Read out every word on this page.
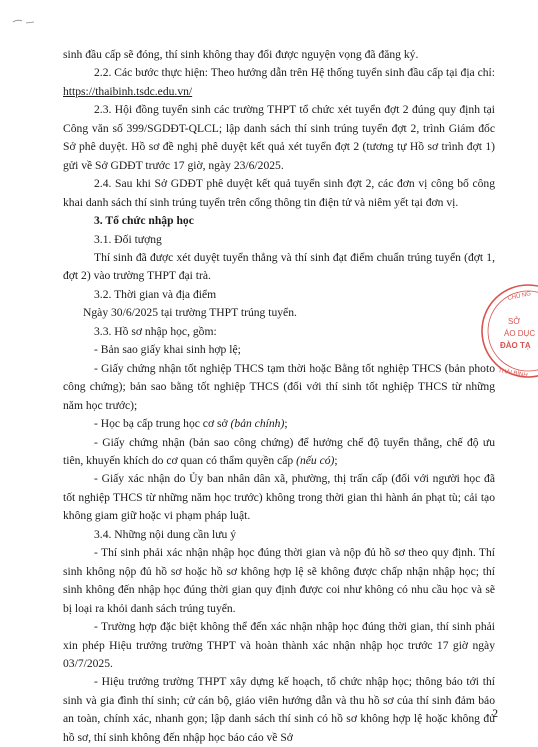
sinh đầu cấp sẽ đóng, thí sinh không thay đổi được nguyện vọng đã đăng ký.

2.2. Các bước thực hiện: Theo hướng dẫn trên Hệ thống tuyển sinh đầu cấp tại địa chỉ: https://thaibinh.tsdc.edu.vn/

2.3. Hội đồng tuyển sinh các trường THPT tổ chức xét tuyển đợt 2 đúng quy định tại Công văn số 399/SGDĐT-QLCL; lập danh sách thí sinh trúng tuyển đợt 2, trình Giám đốc Sở phê duyệt. Hồ sơ đề nghị phê duyệt kết quả xét tuyển đợt 2 (tương tự Hồ sơ trình đợt 1) gửi về Sở GDĐT trước 17 giờ, ngày 23/6/2025.

2.4. Sau khi Sở GDĐT phê duyệt kết quả tuyển sinh đợt 2, các đơn vị công bố công khai danh sách thí sinh trúng tuyển trên cổng thông tin điện tử và niêm yết tại đơn vị.

3. Tổ chức nhập học

3.1. Đối tượng

Thí sinh đã được xét duyệt tuyển thẳng và thí sinh đạt điểm chuẩn trúng tuyển (đợt 1, đợt 2) vào trường THPT đại trà.

3.2. Thời gian và địa điểm

Ngày 30/6/2025 tại trường THPT trúng tuyển.

3.3. Hồ sơ nhập học, gồm:

- Bản sao giấy khai sinh hợp lệ;

- Giấy chứng nhận tốt nghiệp THCS tạm thời hoặc Bằng tốt nghiệp THCS (bản photo công chứng); bản sao bằng tốt nghiệp THCS (đối với thí sinh tốt nghiệp THCS từ những năm học trước);

- Học bạ cấp trung học cơ sở (bản chính);

- Giấy chứng nhận (bản sao công chứng) để hưởng chế độ tuyển thẳng, chế độ ưu tiên, khuyến khích do cơ quan có thẩm quyền cấp (nếu có);

- Giấy xác nhận do Ủy ban nhân dân xã, phường, thị trấn cấp (đối với người học đã tốt nghiệp THCS từ những năm học trước) không trong thời gian thi hành án phạt tù; cải tạo không giam giữ hoặc vi phạm pháp luật.

3.4. Những nội dung cần lưu ý

- Thí sinh phải xác nhận nhập học đúng thời gian và nộp đủ hồ sơ theo quy định. Thí sinh không nộp đủ hồ sơ hoặc hồ sơ không hợp lệ sẽ không được chấp nhận nhập học; thí sinh không đến nhập học đúng thời gian quy định được coi như không có nhu cầu học và sẽ bị loại ra khỏi danh sách trúng tuyển.

- Trường hợp đặc biệt không thể đến xác nhận nhập học đúng thời gian, thí sinh phải xin phép Hiệu trưởng trường THPT và hoàn thành xác nhận nhập học trước 17 giờ ngày 03/7/2025.

- Hiệu trưởng trường THPT xây dựng kế hoạch, tổ chức nhập học; thông báo tới thí sinh và gia đình thí sinh; cử cán bộ, giáo viên hướng dẫn và thu hồ sơ của thí sinh đảm bảo an toàn, chính xác, nhanh gọn; lập danh sách thí sinh có hồ sơ không hợp lệ hoặc không đủ hồ sơ, thí sinh không đến nhập học báo cáo về Sở

CHỦ NG
SỞ
ÁO DỤC
ĐÀO TẠ
THÁI BÌNH
2
